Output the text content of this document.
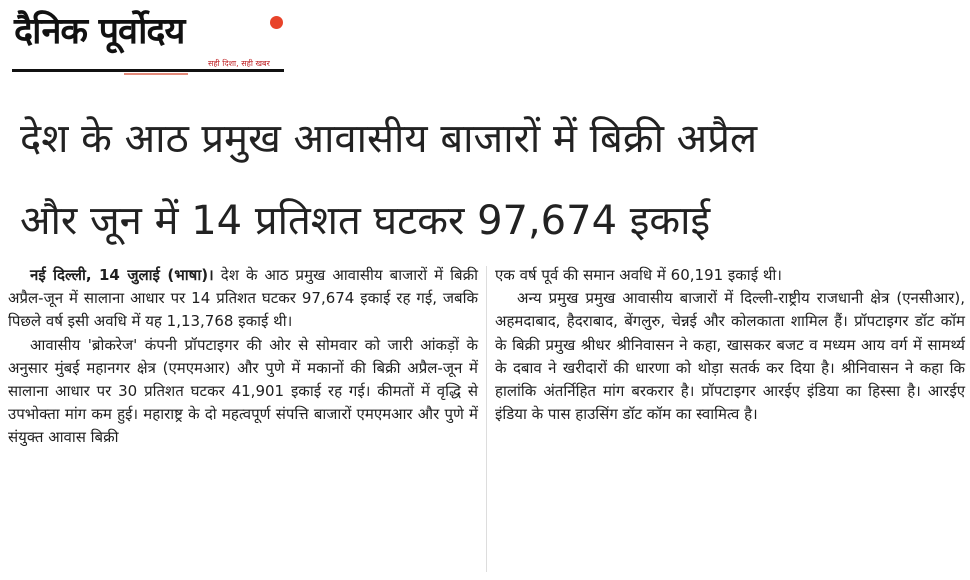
दैनिक पूर्वोदय
सही दिशा, सही खबर
देश के आठ प्रमुख आवासीय बाजारों में बिक्री अप्रैल
और जून में 14 प्रतिशत घटकर 97,674 इकाई

नई दिल्ली, 14 जुलाई (भाषा)। देश के आठ प्रमुख आवासीय बाजारों में बिक्री अप्रैल-जून में सालाना आधार पर 14 प्रतिशत घटकर 97,674 इकाई रह गई, जबकि पिछले वर्ष इसी अवधि में यह 1,13,768 इकाई थी।

आवासीय 'ब्रोकरेज' कंपनी प्रॉपटाइगर की ओर से सोमवार को जारी आंकड़ों के अनुसार मुंबई महानगर क्षेत्र (एमएमआर) और पुणे में मकानों की बिक्री अप्रैल-जून में सालाना आधार पर 30 प्रतिशत घटकर 41,901 इकाई रह गई। कीमतों में वृद्धि से उपभोक्ता मांग कम हुई। महाराष्ट्र के दो महत्वपूर्ण संपत्ति बाजारों एमएमआर और पुणे में संयुक्त आवास बिक्री

एक वर्ष पूर्व की समान अवधि में 60,191 इकाई थी।

अन्य प्रमुख प्रमुख आवासीय बाजारों में दिल्ली-राष्ट्रीय राजधानी क्षेत्र (एनसीआर), अहमदाबाद, हैदराबाद, बेंगलुरु, चेन्नई और कोलकाता शामिल हैं। प्रॉपटाइगर डॉट कॉम के बिक्री प्रमुख श्रीधर श्रीनिवासन ने कहा, खासकर बजट व मध्यम आय वर्ग में सामर्थ्य के दबाव ने खरीदारों की धारणा को थोड़ा सतर्क कर दिया है। श्रीनिवासन ने कहा कि हालांकि अंतर्निहित मांग बरकरार है। प्रॉपटाइगर आरईए इंडिया का हिस्सा है। आरईए इंडिया के पास हाउसिंग डॉट कॉम का स्वामित्व है।
